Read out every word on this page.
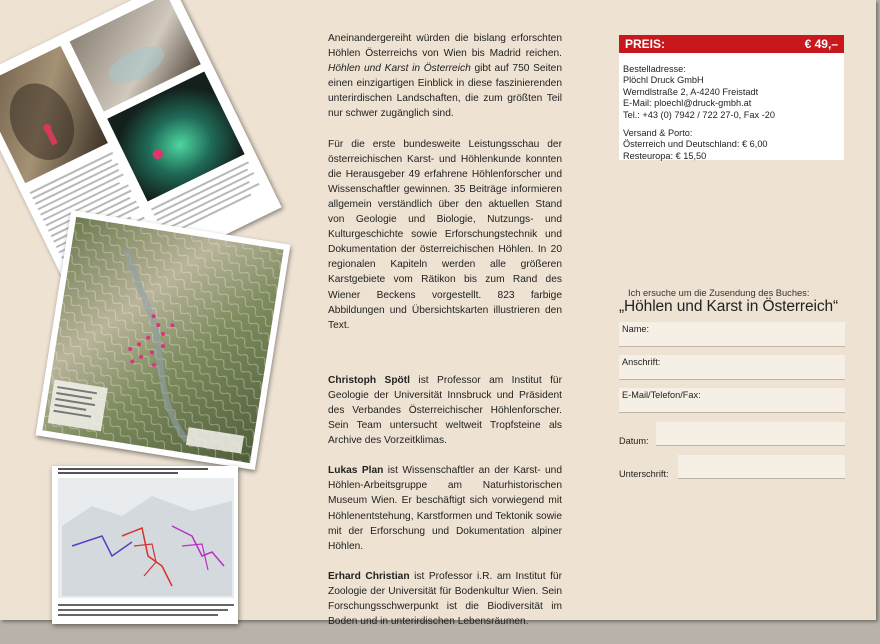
Aneinandergereiht würden die bislang erforschten Höhlen Österreichs von Wien bis Madrid reichen. Höhlen und Karst in Österreich gibt auf 750 Seiten einen einzigartigen Einblick in diese faszinierenden unterirdischen Landschaften, die zum größten Teil nur schwer zugänglich sind.

Für die erste bundesweite Leistungsschau der österreichischen Karst- und Höhlenkunde konnten die Herausgeber 49 erfahrene Höhlenforscher und Wissenschaftler gewinnen. 35 Beiträge informieren allgemein verständlich über den aktuellen Stand von Geologie und Biologie, Nutzungs- und Kulturgeschichte sowie Erforschungstechnik und Dokumentation der österreichischen Höhlen. In 20 regionalen Kapiteln werden alle größeren Karstgebiete vom Rätikon bis zum Rand des Wiener Beckens vorgestellt. 823 farbige Abbildungen und Übersichtskarten illustrieren den Text.

Christoph Spötl ist Professor am Institut für Geologie der Universität Innsbruck und Präsident des Verbandes Österreichischer Höhlenforscher. Sein Team untersucht weltweit Tropfsteine als Archive des Vorzeitklimas.

Lukas Plan ist Wissenschaftler an der Karst- und Höhlen-Arbeitsgruppe am Naturhistorischen Museum Wien. Er beschäftigt sich vorwiegend mit Höhlenentstehung, Karstformen und Tektonik sowie mit der Erforschung und Dokumentation alpiner Höhlen.

Erhard Christian ist Professor i.R. am Institut für Zoologie der Universität für Bodenkultur Wien. Sein Forschungsschwerpunkt ist die Biodiversität im Boden und in unterirdischen Lebensräumen.

PREIS:	€ 49,–
Bestelladresse:
Plöchl Druck GmbH
Werndlstraße 2, A-4240 Freistadt
E-Mail: ploechl@druck-gmbh.at
Tel.: +43 (0) 7942 / 722 27-0, Fax -20
Versand & Porto:
Österreich und Deutschland: € 6,00
Resteuropa: € 15,50
Ich ersuche um die Zusendung des Buches:
„Höhlen und Karst in Österreich“
Name:
Anschrift:
E-Mail/Telefon/Fax:
Datum:
Unterschrift:
